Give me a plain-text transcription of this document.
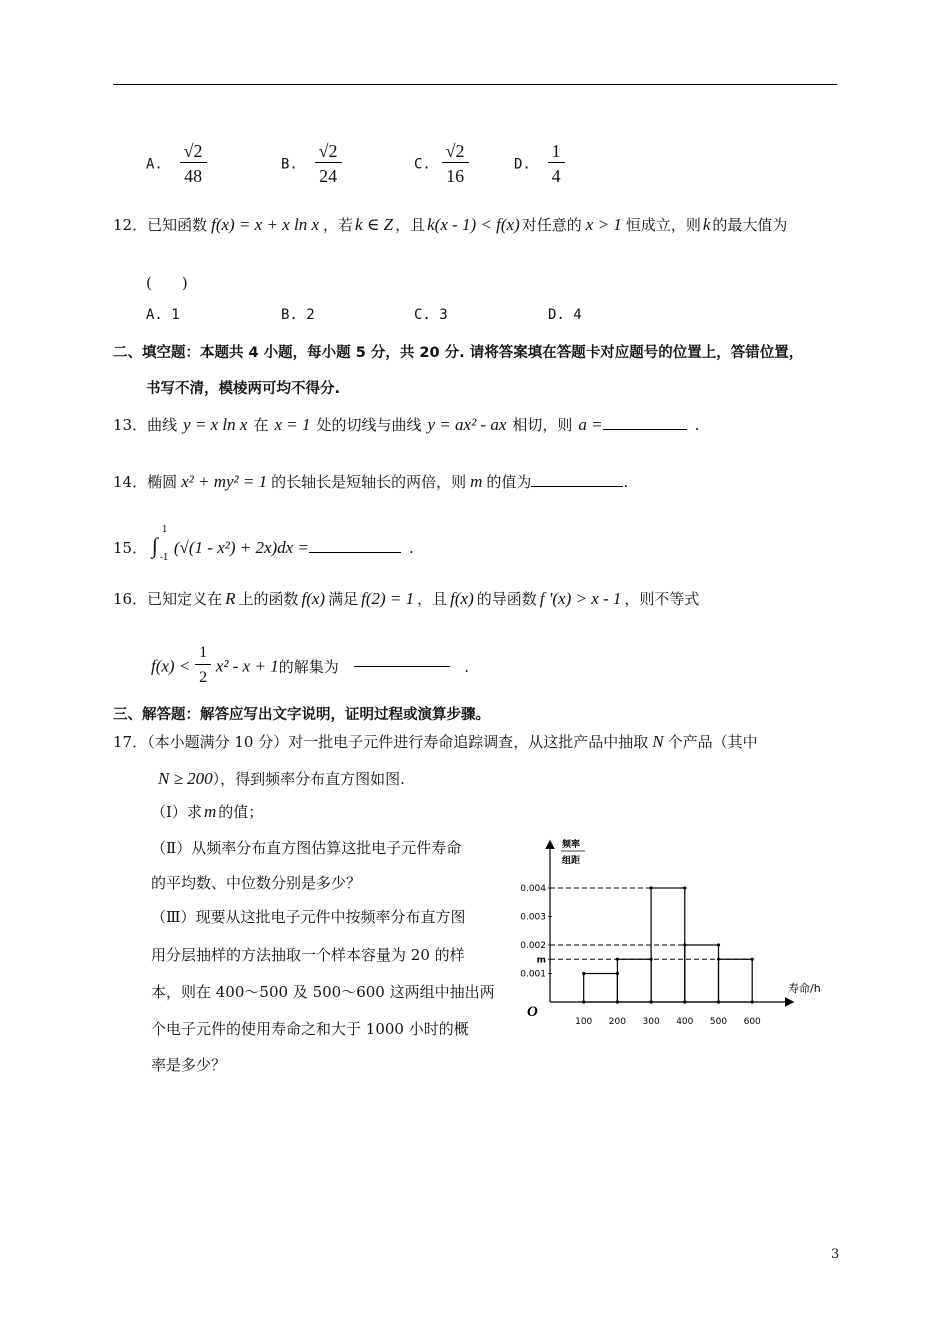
A. $\frac{√2}{48}$	B. $\frac{√2}{24}$	C. $\frac{√2}{16}$	D. $\frac{1}{4}$
12．已知函数 f(x) = x + x ln x ，若 k ∈ Z ，且 k(x - 1) < f(x) 对任意的 x > 1 恒成立，则 k 的最大值为
(　　)
A. 1	B. 2	C. 3	D. 4
二、填空题：本题共 4 小题，每小题 5 分，共 20 分. 请将答案填在答题卡对应题号的位置上，答错位置，
书写不清，模棱两可均不得分.
13．曲线 y = x ln x 在 x = 1 处的切线与曲线 y = ax² - ax 相切，则 a =	.
14．椭圆 x² + my² = 1 的长轴长是短轴长的两倍，则 m 的值为	.
15． ∫
1
-1
(√(1 - x²) + 2x)dx =	.
16．已知定义在 R 上的函数 f(x) 满足 f(2) = 1 ，且 f(x) 的导函数 f '(x) > x - 1 ，则不等式
$f(x) < \frac{1}{2} x^2 - x + 1$的解集为	.
三、解答题：解答应写出文字说明，证明过程或演算步骤。
17．（本小题满分 10 分）对一批电子元件进行寿命追踪调查，从这批产品中抽取 N 个产品（其中
N ≥ 200），得到频率分布直方图如图.
（Ⅰ）求 m 的值；
（Ⅱ）从频率分布直方图估算这批电子元件寿命
的平均数、中位数分别是多少？
（Ⅲ）现要从这批电子元件中按频率分布直方图
用分层抽样的方法抽取一个样本容量为 20 的样
本，则在 400～500 及 500～600 这两组中抽出两
个电子元件的使用寿命之和大于 1000 小时的概
率是多少？
0.001
m
0.002
0.003
0.004
100 200 300 400 500 600
频率
组距
寿命/h
O
3
